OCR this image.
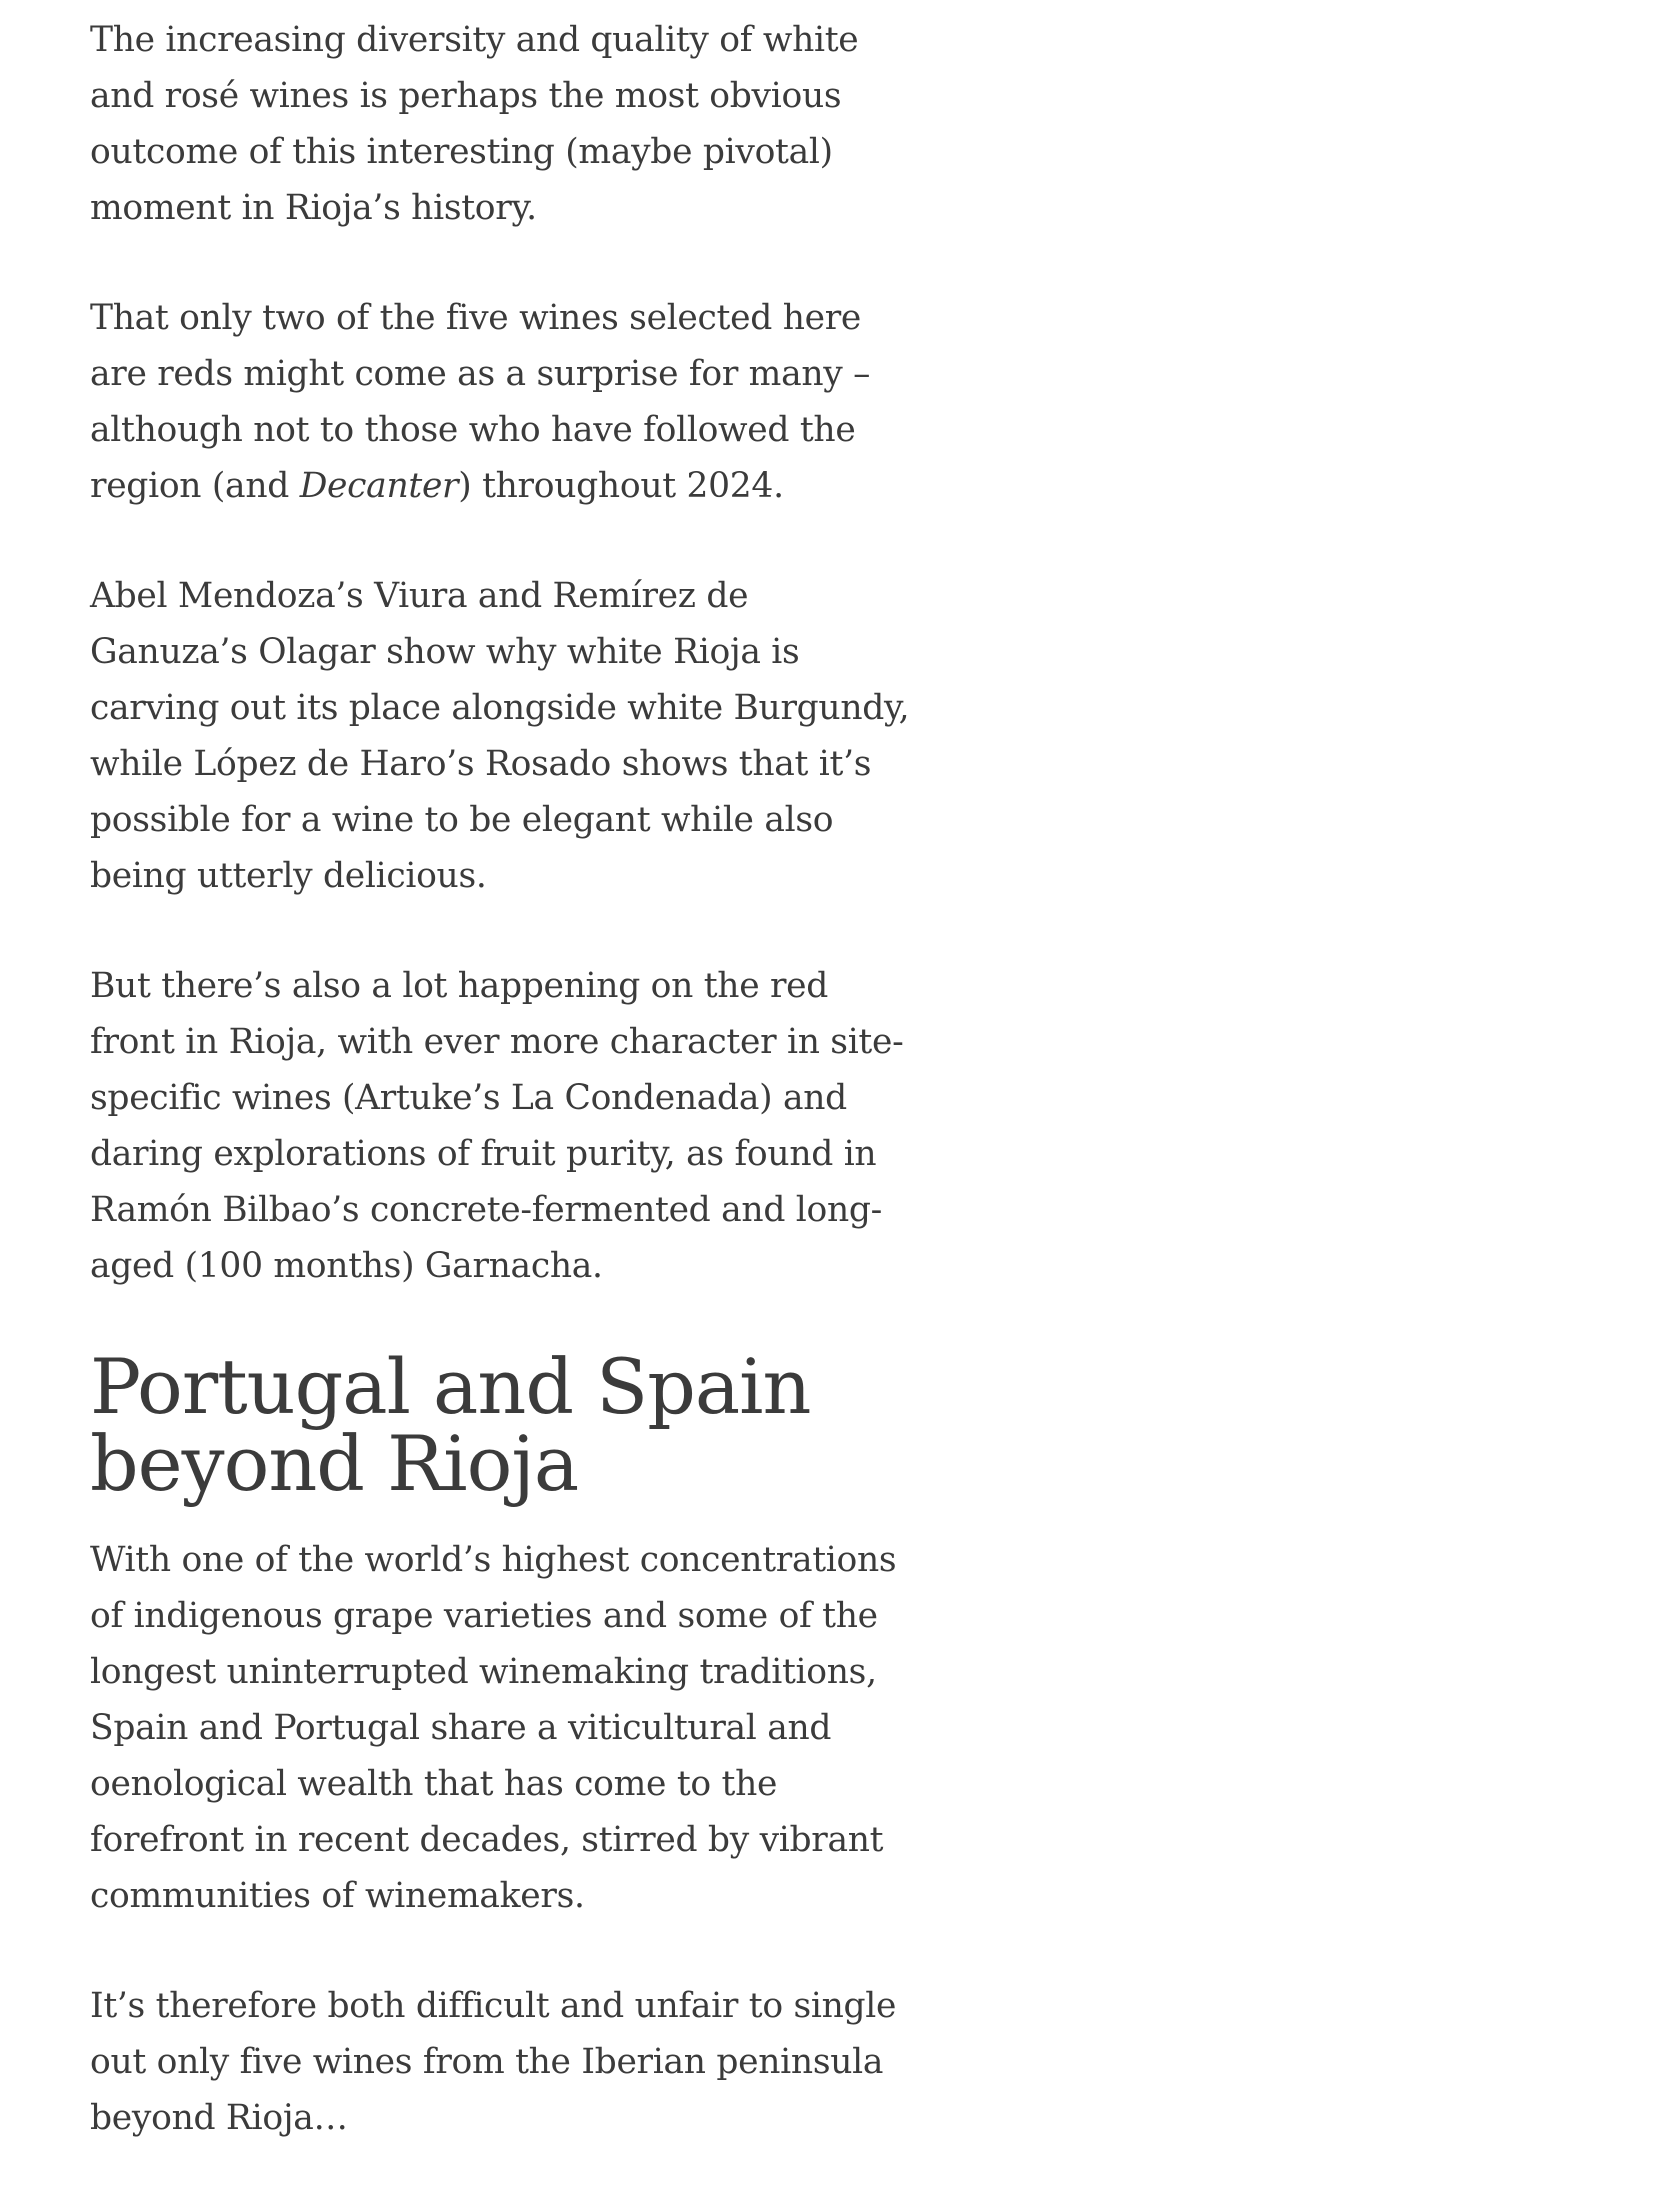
The increasing diversity and quality of white and rosé wines is perhaps the most obvious outcome of this interesting (maybe pivotal) moment in Rioja’s history.

That only two of the five wines selected here are reds might come as a surprise for many – although not to those who have followed the region (and Decanter) throughout 2024.

Abel Mendoza’s Viura and Remírez de Ganuza’s Olagar show why white Rioja is carving out its place alongside white Burgundy, while López de Haro’s Rosado shows that it’s possible for a wine to be elegant while also being utterly delicious.

But there’s also a lot happening on the red front in Rioja, with ever more character in site-specific wines (Artuke’s La Condenada) and daring explorations of fruit purity, as found in Ramón Bilbao’s concrete-fermented and long-aged (100 months) Garnacha.

Portugal and Spain beyond Rioja

With one of the world’s highest concentrations of indigenous grape varieties and some of the longest uninterrupted winemaking traditions, Spain and Portugal share a viticultural and oenological wealth that has come to the forefront in recent decades, stirred by vibrant communities of winemakers.

It’s therefore both difficult and unfair to single out only five wines from the Iberian peninsula beyond Rioja…
